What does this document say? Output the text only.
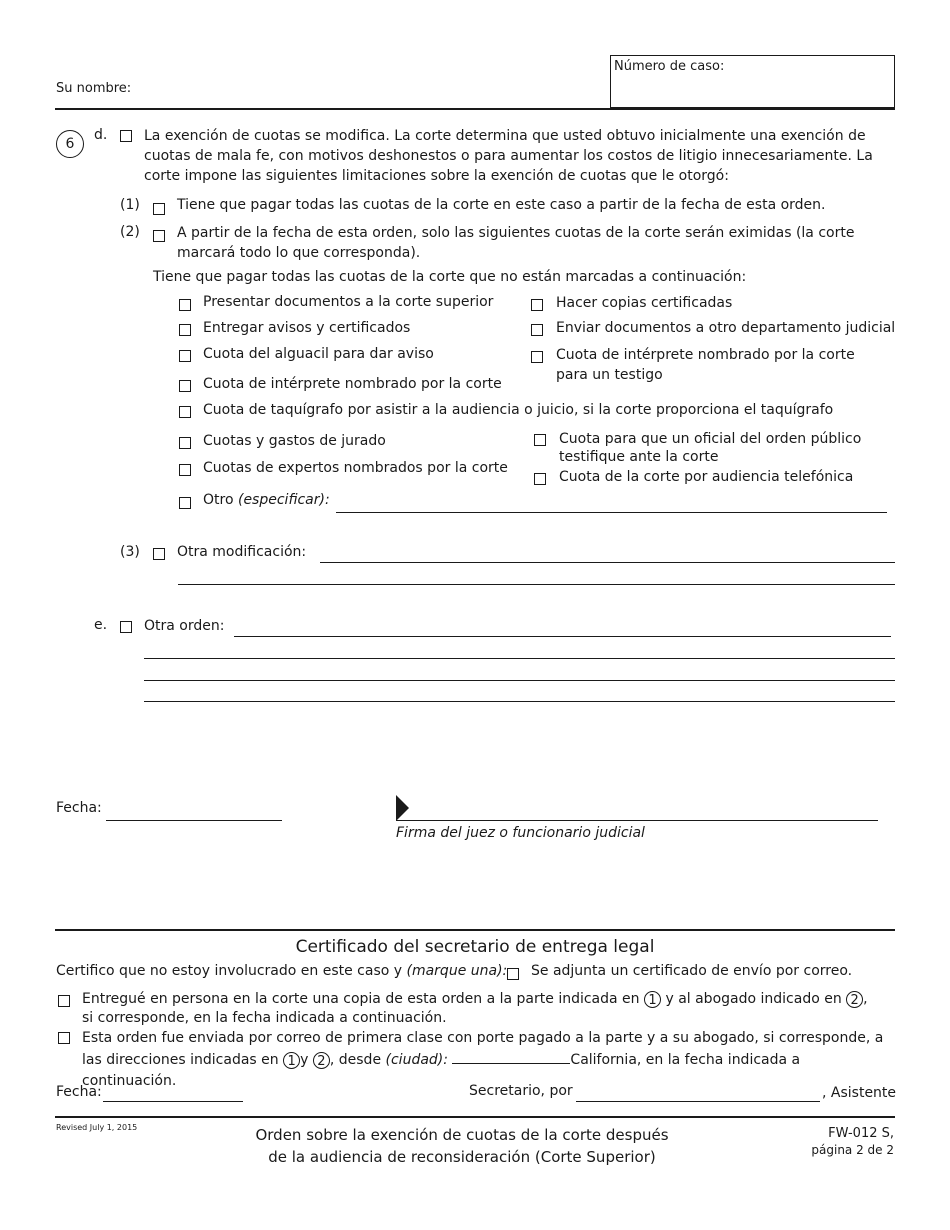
Su nombre:
Número de caso:
6
d.	La exención de cuotas se modifica. La corte determina que usted obtuvo inicialmente una exención de cuotas de mala fe, con motivos deshonestos o para aumentar los costos de litigio innecesariamente. La corte impone las siguientes limitaciones sobre la exención de cuotas que le otorgó:
(1)	Tiene que pagar todas las cuotas de la corte en este caso a partir de la fecha de esta orden.
(2)	A partir de la fecha de esta orden, solo las siguientes cuotas de la corte serán eximidas (la corte marcará todo lo que corresponda).
Tiene que pagar todas las cuotas de la corte que no están marcadas a continuación:
Presentar documentos a la corte superior
Entregar avisos y certificados
Cuota del alguacil para dar aviso
Cuota de intérprete nombrado por la corte
Cuota de taquígrafo por asistir a la audiencia o juicio, si la corte proporciona el taquígrafo
Cuotas y gastos de jurado
Cuotas de expertos nombrados por la corte
Otro (especificar):
Hacer copias certificadas
Enviar documentos a otro departamento judicial
Cuota de intérprete nombrado por la corte para un testigo
Cuota para que un oficial del orden público testifique ante la corte
Cuota de la corte por audiencia telefónica
(3)	Otra modificación:
e.	Otra orden:
Fecha:
Firma del juez o funcionario judicial
Certificado del secretario de entrega legal
Certifico que no estoy involucrado en este caso y (marque una): Se adjunta un certificado de envío por correo.
Entregué en persona en la corte una copia de esta orden a la parte indicada en 1 y al abogado indicado en 2 , si corresponde, en la fecha indicada a continuación.
Esta orden fue enviada por correo de primera clase con porte pagado a la parte y a su abogado, si corresponde, a las direcciones indicadas en 1 y 2 , desde (ciudad):	California, en la fecha indicada a continuación.
Fecha:	Secretario, por	, Asistente
Revised July 1, 2015	Orden sobre la exención de cuotas de la corte después
de la audiencia de reconsideración (Corte Superior)
FW-012 S,
página 2 de 2
